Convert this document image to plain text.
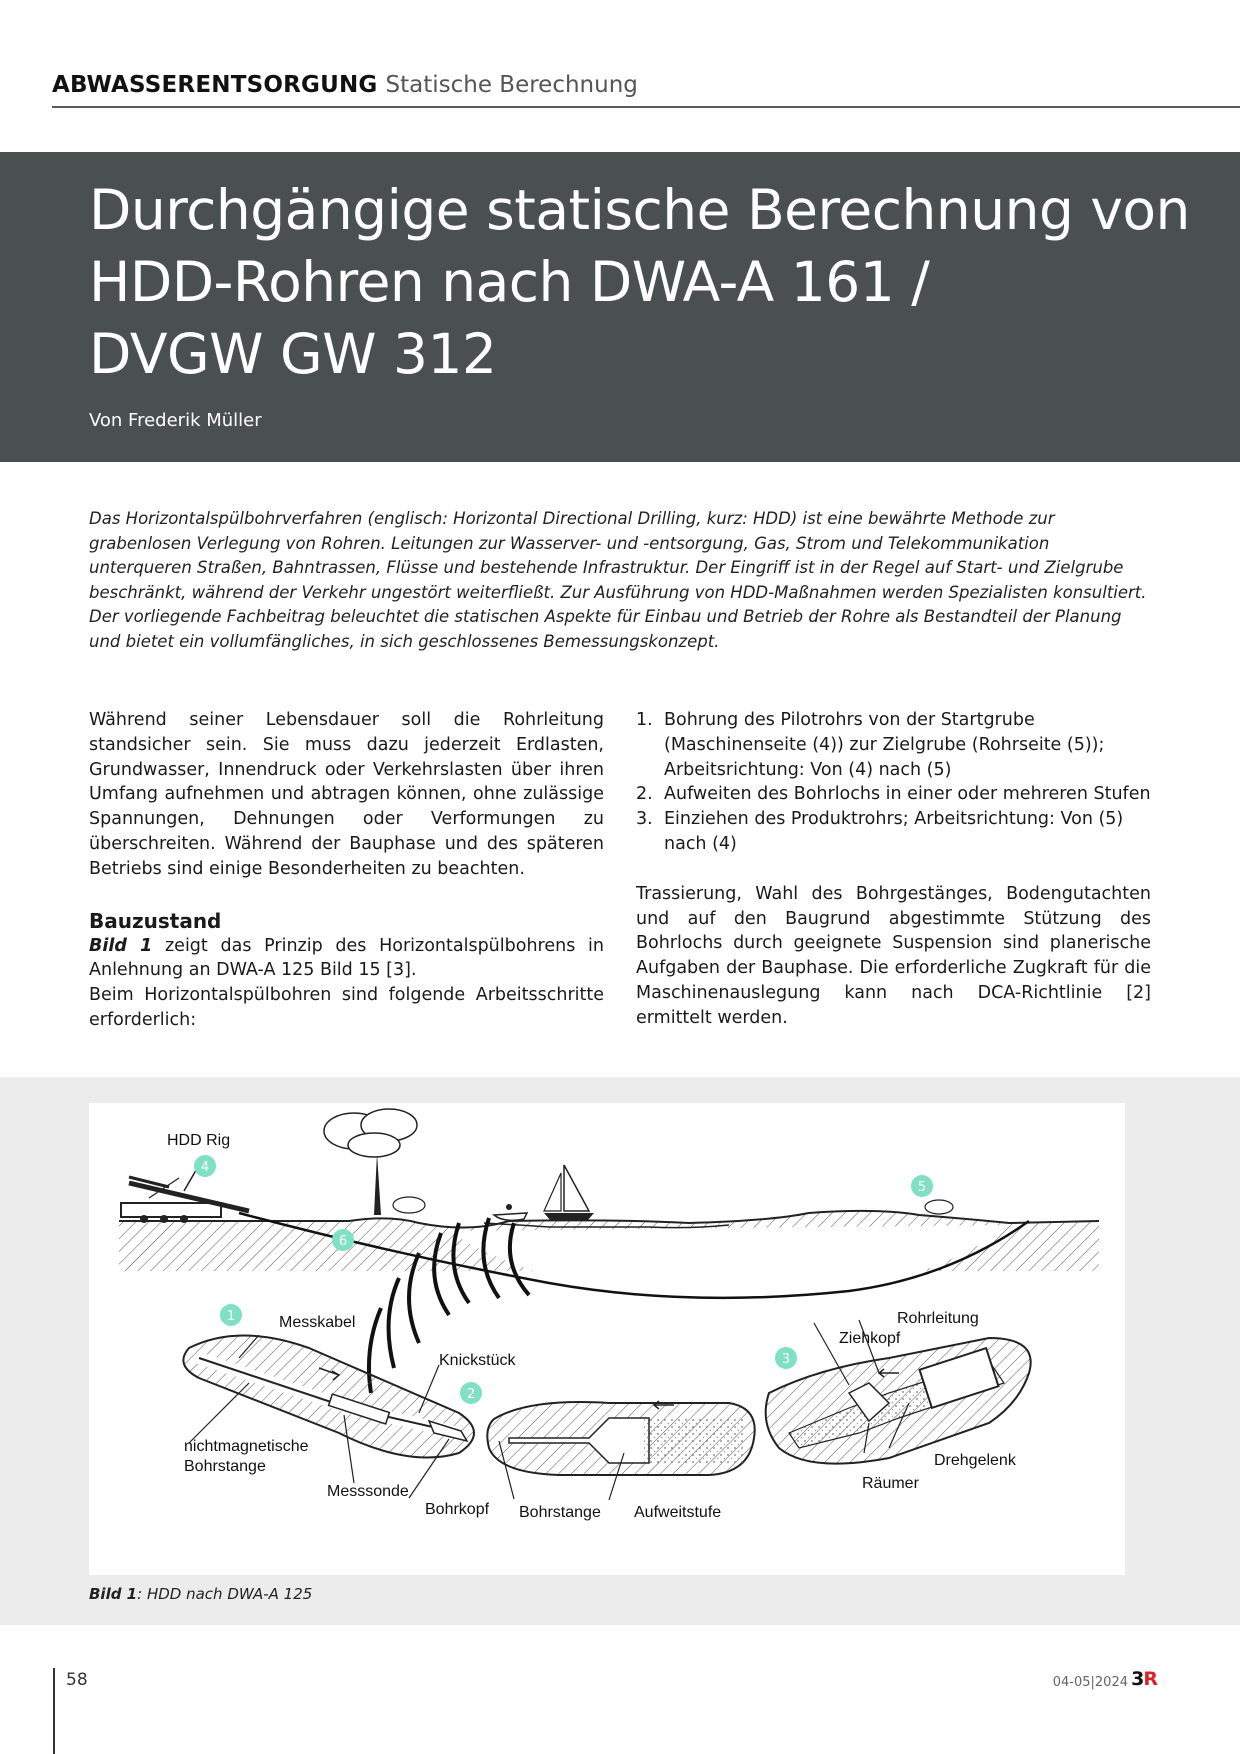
ABWASSERENTSORGUNG Statische Berechnung
Durchgängige statische Berechnung von
HDD-Rohren nach DWA-A 161 /
DVGW GW 312
Von Frederik Müller

Das Horizontalspülbohrverfahren (englisch: Horizontal Directional Drilling, kurz: HDD) ist eine bewährte Methode zur grabenlosen Verlegung von Rohren. Leitungen zur Wasserver- und -entsorgung, Gas, Strom und Telekommunikation unterqueren Straßen, Bahntrassen, Flüsse und bestehende Infrastruktur. Der Eingriff ist in der Regel auf Start- und Zielgrube beschränkt, während der Verkehr ungestört weiterfließt. Zur Ausführung von HDD-Maßnahmen werden Spezialisten konsultiert. Der vorliegende Fachbeitrag beleuchtet die statischen Aspekte für Einbau und Betrieb der Rohre als Bestandteil der Planung und bietet ein vollumfängliches, in sich geschlossenes Bemessungskonzept.

Während seiner Lebensdauer soll die Rohrleitung standsicher sein. Sie muss dazu jederzeit Erdlasten, Grundwasser, Innendruck oder Verkehrslasten über ihren Umfang aufnehmen und abtragen können, ohne zulässige Spannungen, Dehnungen oder Verformungen zu überschreiten. Während der Bauphase und des späteren Betriebs sind einige Besonderheiten zu beachten.

Bauzustand

Bild 1 zeigt das Prinzip des Horizontalspülbohrens in Anlehnung an DWA-A 125 Bild 15 [3].

Beim Horizontalspülbohren sind folgende Arbeitsschritte erforderlich:

1. Bohrung des Pilotrohrs von der Startgrube (Maschinenseite (4)) zur Zielgrube (Rohrseite (5)); Arbeitsrichtung: Von (4) nach (5)
2. Aufweiten des Bohrlochs in einer oder mehreren Stufen
3. Einziehen des Produktrohrs; Arbeitsrichtung: Von (5) nach (4)

Trassierung, Wahl des Bohrgestänges, Bodengutachten und auf den Baugrund abgestimmte Stützung des Bohrlochs durch geeignete Suspension sind planerische Aufgaben der Bauphase. Die erforderliche Zugkraft für die Maschinenauslegung kann nach DCA-Richtlinie [2] ermittelt werden.

4
5
6
1
2
3
HDD Rig
Messkabel
Knickstück
nichtmagnetische
Bohrstange
Messsonde
Bohrkopf Bohrstange Aufweitstufe
Rohrleitung
Ziehkopf
Drehgelenk
Räumer
Bild 1: HDD nach DWA-A 125
58	04-05|2024 3R
